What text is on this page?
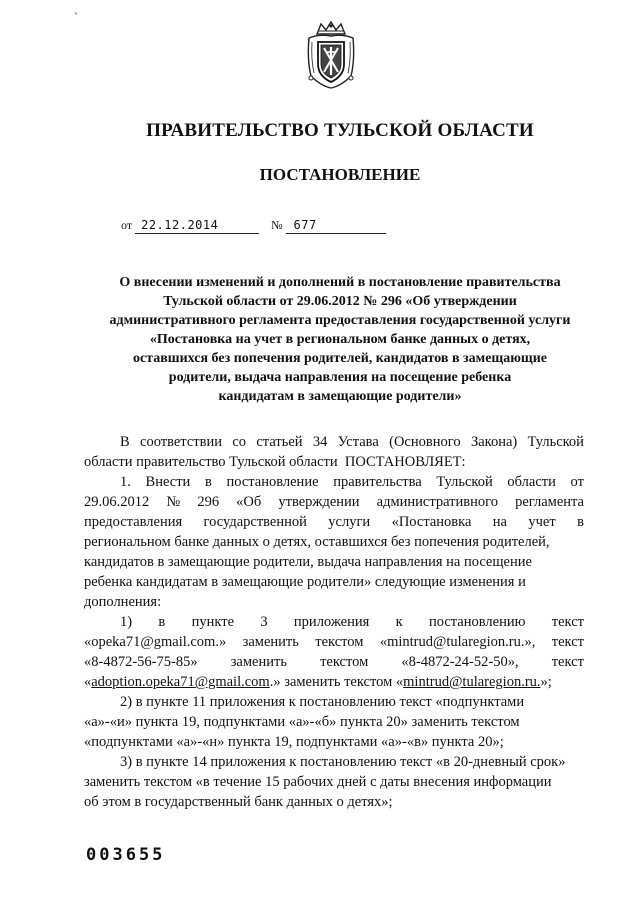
ˋ
ПРАВИТЕЛЬСТВО ТУЛЬСКОЙ ОБЛАСТИ
ПОСТАНОВЛЕНИЕ
от 22.12.2014	№ 677
О внесении изменений и дополнений в постановление правительства
Тульской области от 29.06.2012 № 296 «Об утверждении
административного регламента предоставления государственной услуги
«Постановка на учет в региональном банке данных о детях,
оставшихся без попечения родителей, кандидатов в замещающие
родители, выдача направления на посещение ребенка
кандидатам в замещающие родители»
В соответствии со статьей 34 Устава (Основного Закона) Тульской
области правительство Тульской области  ПОСТАНОВЛЯЕТ:
1. Внести в постановление правительства Тульской области от
29.06.2012 № 296 «Об утверждении административного регламента
предоставления государственной услуги «Постановка на учет в
региональном банке данных о детях, оставшихся без попечения родителей,
кандидатов в замещающие родители, выдача направления на посещение
ребенка кандидатам в замещающие родители» следующие изменения и
дополнения:
1) в пункте 3 приложения к постановлению текст
«opeka71@gmail.com.» заменить текстом «mintrud@tularegion.ru.», текст
«8-4872-56-75-85» заменить текстом «8-4872-24-52-50», текст
« adoption.opeka71@gmail.com .» заменить текстом « mintrud@tularegion.ru. »;
2) в пункте 11 приложения к постановлению текст «подпунктами
«а»-«и» пункта 19, подпунктами «а»-«б» пункта 20» заменить текстом
«подпунктами «а»-«н» пункта 19, подпунктами «а»-«в» пункта 20»;
3) в пункте 14 приложения к постановлению текст «в 20-дневный срок»
заменить текстом «в течение 15 рабочих дней с даты внесения информации
об этом в государственный банк данных о детях»;
003655
